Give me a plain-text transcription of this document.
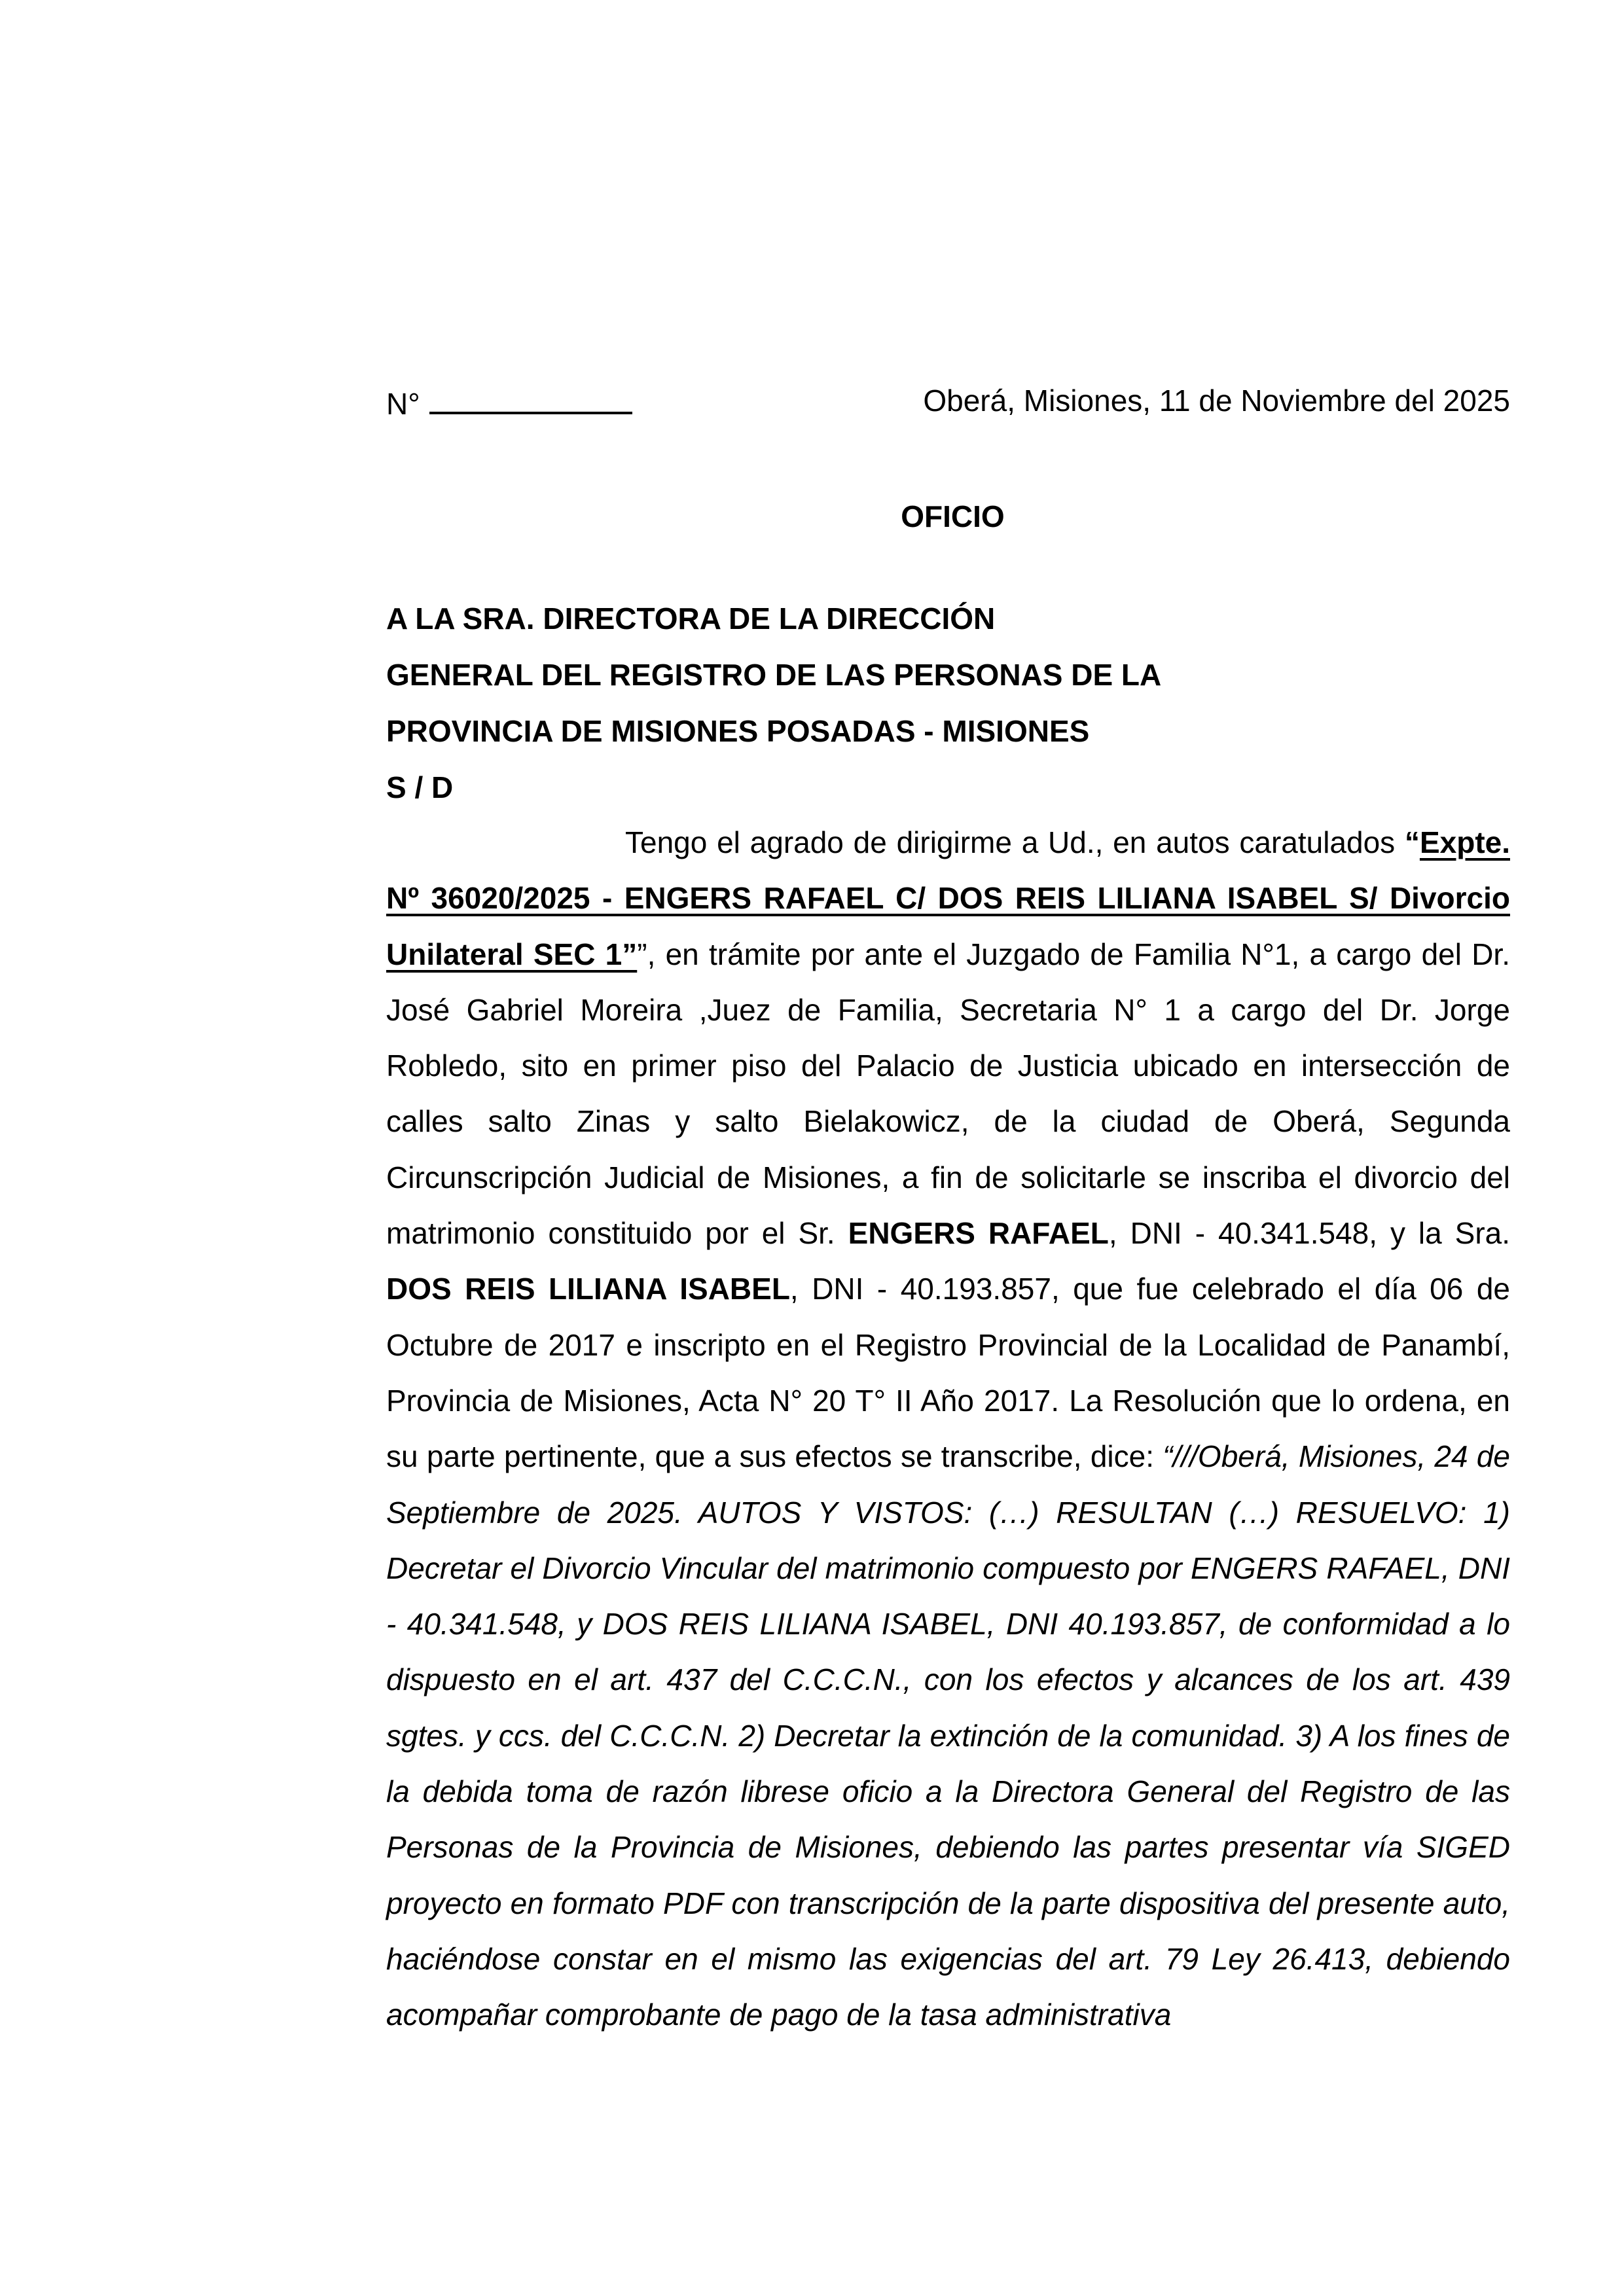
N°	Oberá, Misiones, 11 de Noviembre del 2025
OFICIO
A LA SRA. DIRECTORA DE LA DIRECCIÓN
GENERAL DEL REGISTRO DE LAS PERSONAS DE LA
PROVINCIA DE MISIONES POSADAS - MISIONES
S / D

Tengo el agrado de dirigirme a Ud., en autos caratulados “Expte. Nº 36020/2025 - ENGERS RAFAEL C/ DOS REIS LILIANA ISABEL S/ Divorcio Unilateral SEC 1””, en trámite por ante el Juzgado de Familia N°1, a cargo del Dr. José Gabriel Moreira ,Juez de Familia, Secretaria N° 1 a cargo del Dr. Jorge Robledo, sito en primer piso del Palacio de Justicia ubicado en intersección de calles salto Zinas y salto Bielakowicz, de la ciudad de Oberá, Segunda Circunscripción Judicial de Misiones, a fin de solicitarle se inscriba el divorcio del matrimonio constituido por el Sr. ENGERS RAFAEL, DNI - 40.341.548, y la Sra. DOS REIS LILIANA ISABEL, DNI - 40.193.857, que fue celebrado el día 06 de Octubre de 2017 e inscripto en el Registro Provincial de la Localidad de Panambí, Provincia de Misiones, Acta N° 20 T° II Año 2017. La Resolución que lo ordena, en su parte pertinente, que a sus efectos se transcribe, dice: “///Oberá, Misiones, 24 de Septiembre de 2025. AUTOS Y VISTOS: (…) RESULTAN (…) RESUELVO: 1) Decretar el Divorcio Vincular del matrimonio compuesto por ENGERS RAFAEL, DNI - 40.341.548, y DOS REIS LILIANA ISABEL, DNI 40.193.857, de conformidad a lo dispuesto en el art. 437 del C.C.C.N., con los efectos y alcances de los art. 439 sgtes. y ccs. del C.C.C.N. 2) Decretar la extinción de la comunidad. 3) A los fines de la debida toma de razón librese oficio a la Directora General del Registro de las Personas de la Provincia de Misiones, debiendo las partes presentar vía SIGED proyecto en formato PDF con transcripción de la parte dispositiva del presente auto, haciéndose constar en el mismo las exigencias del art. 79 Ley 26.413, debiendo acompañar comprobante de pago de la tasa administrativa
